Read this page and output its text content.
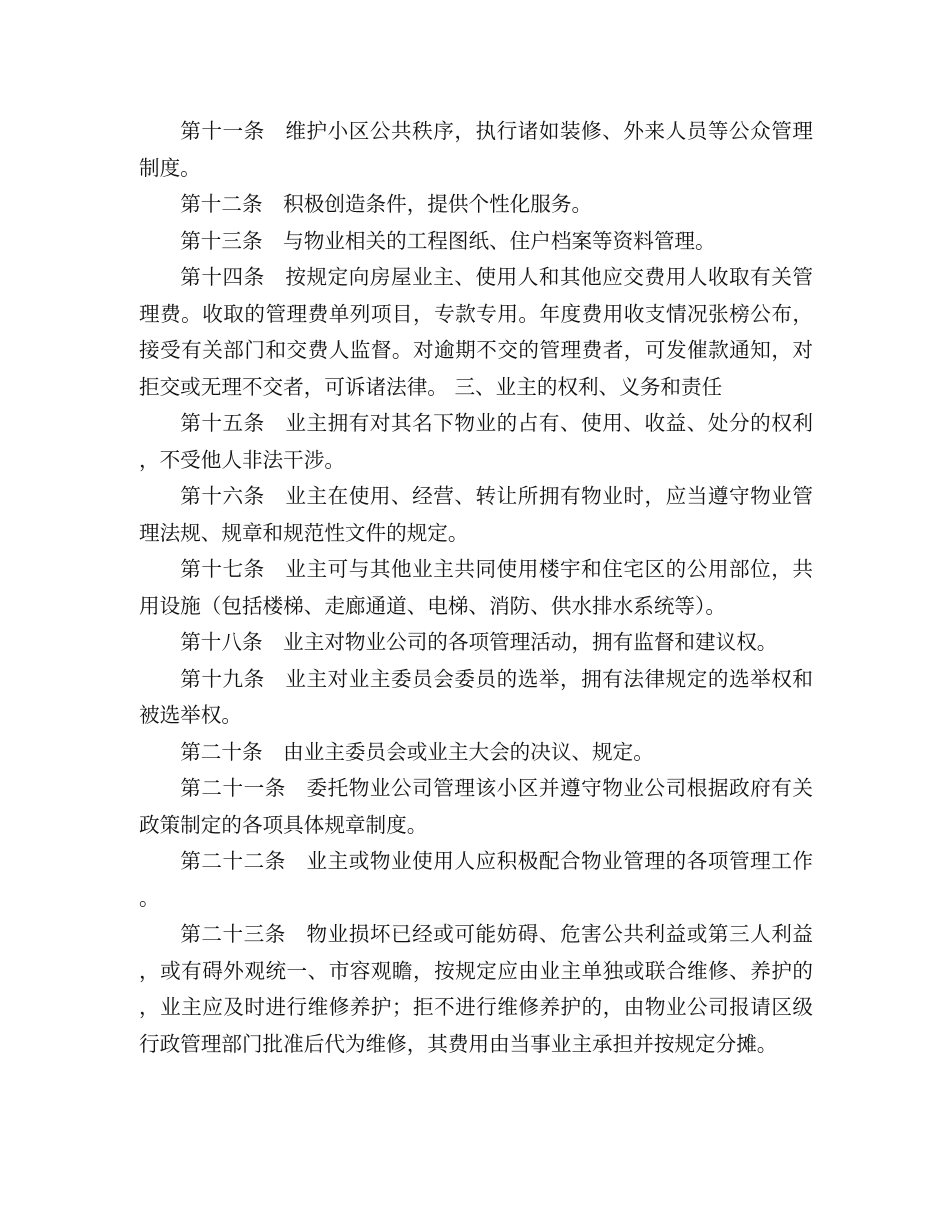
第十一条 维护小区公共秩序，执行诸如装修、外来人员等公众管理制度。

第十二条 积极创造条件，提供个性化服务。

第十三条 与物业相关的工程图纸、住户档案等资料管理。

第十四条 按规定向房屋业主、使用人和其他应交费用人收取有关管理费。收取的管理费单列项目，专款专用。年度费用收支情况张榜公布，接受有关部门和交费人监督。对逾期不交的管理费者，可发催款通知，对拒交或无理不交者，可诉诸法律。 三、业主的权利、义务和责任

第十五条 业主拥有对其名下物业的占有、使用、收益、处分的权利，不受他人非法干涉。

第十六条 业主在使用、经营、转让所拥有物业时，应当遵守物业管理法规、规章和规范性文件的规定。

第十七条 业主可与其他业主共同使用楼宇和住宅区的公用部位，共用设施（包括楼梯、走廊通道、电梯、消防、供水排水系统等）。

第十八条 业主对物业公司的各项管理活动，拥有监督和建议权。

第十九条 业主对业主委员会委员的选举，拥有法律规定的选举权和被选举权。

第二十条 由业主委员会或业主大会的决议、规定。

第二十一条 委托物业公司管理该小区并遵守物业公司根据政府有关政策制定的各项具体规章制度。

第二十二条 业主或物业使用人应积极配合物业管理的各项管理工作。

第二十三条 物业损坏已经或可能妨碍、危害公共利益或第三人利益，或有碍外观统一、市容观瞻，按规定应由业主单独或联合维修、养护的，业主应及时进行维修养护；拒不进行维修养护的，由物业公司报请区级行政管理部门批准后代为维修，其费用由当事业主承担并按规定分摊。
